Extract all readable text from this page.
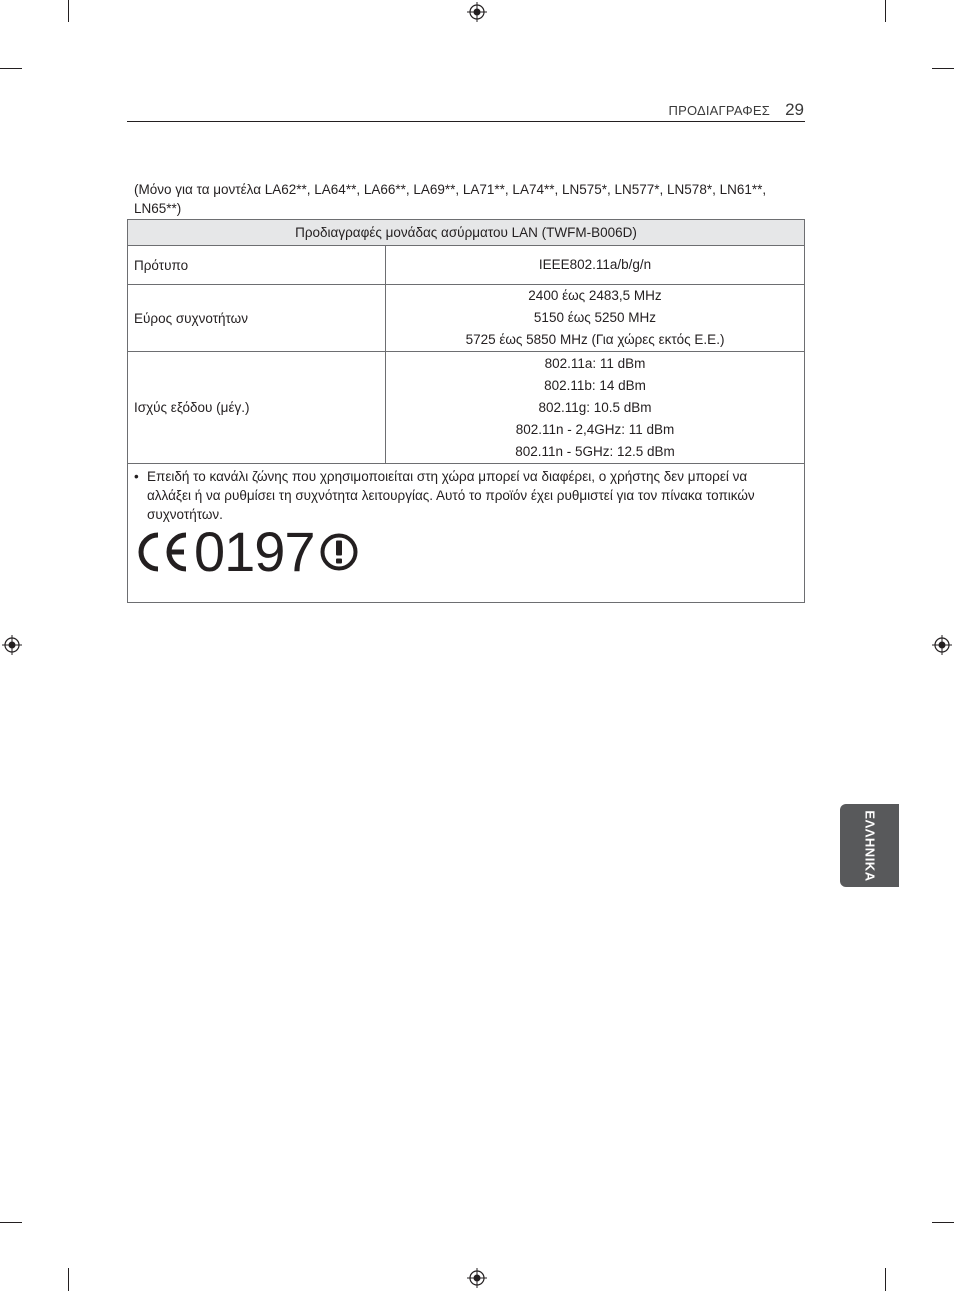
ΠΡΟΔΙΑΓΡΑΦΕΣ 29
(Μόνο για τα μοντέλα LA62**, LA64**, LA66**, LA69**, LA71**, LA74**, LN575*, LN577*, LN578*, LN61**, LN65**)
Προδιαγραφές μονάδας ασύρματου LAN (TWFM-B006D)	
Πρότυπο	IEEE802.11a/b/g/n

Εύρος συχνοτήτων	2400 έως 2483,5 MHz
5150 έως 5250 MHz
5725 έως 5850 MHz (Για χώρες εκτός Ε.Ε.)

Ισχύς εξόδου (μέγ.)	802.11a: 11 dBm
802.11b: 14 dBm
802.11g: 10.5 dBm
802.11n - 2,4GHz: 11 dBm
802.11n - 5GHz: 12.5 dBm

• Επειδή το κανάλι ζώνης που χρησιμοποιείται στη χώρα μπορεί να διαφέρει, ο χρήστης δεν μπορεί να αλλάξει ή να ρυθμίσει τη συχνότητα λειτουργίας. Αυτό το προϊόν έχει ρυθμιστεί για τον πίνακα τοπικών συχνοτήτων.
0197	
ΕΛΛΗΝΙΚΑ
